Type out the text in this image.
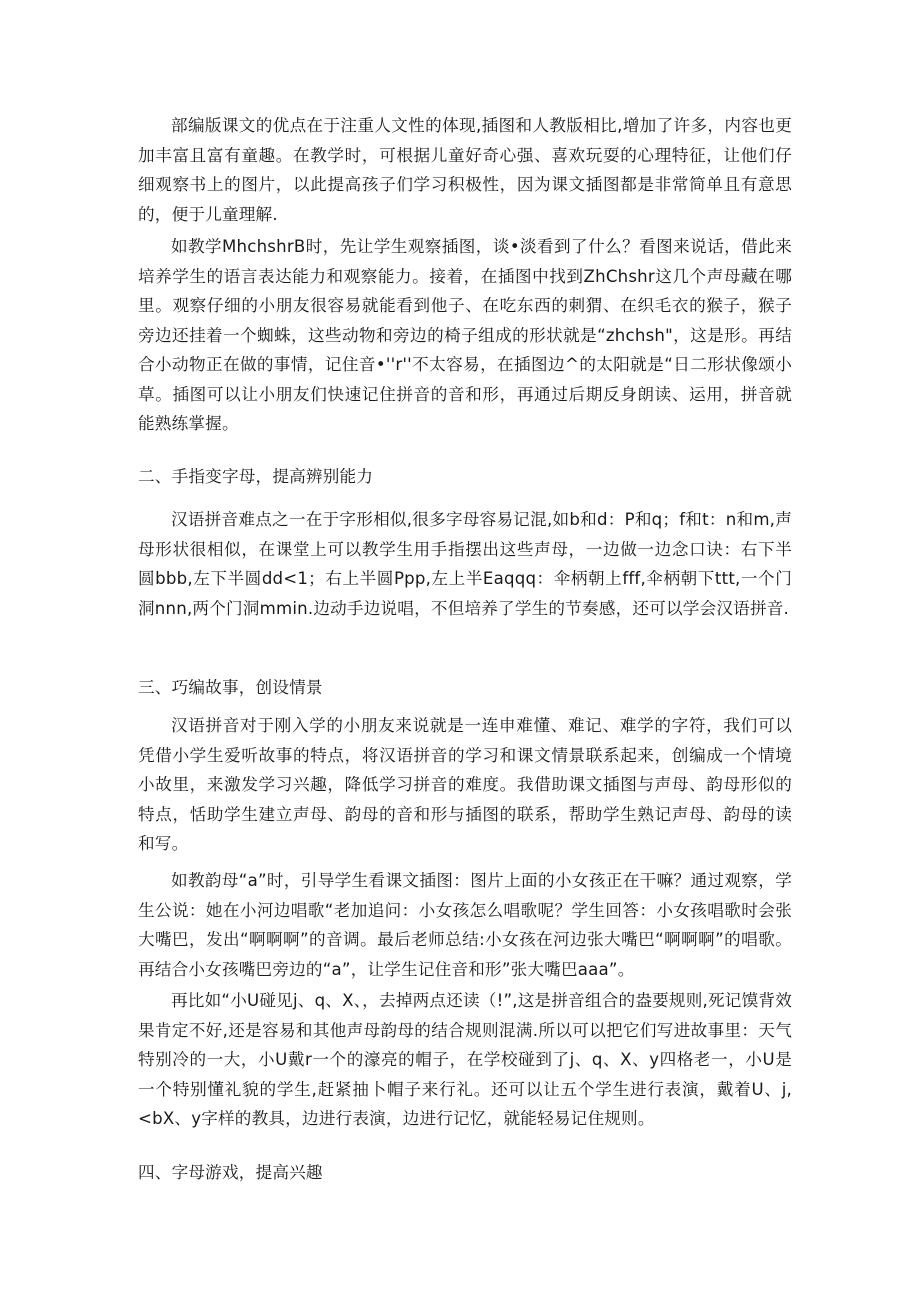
部编版课文的优点在于注重人文性的体现,插图和人教版相比,增加了许多，内容也更加丰富且富有童趣。在教学时，可根据儿童好奇心强、喜欢玩耍的心理特征，让他们仔细观察书上的图片，以此提高孩子们学习积极性，因为课文插图都是非常简单且有意思的，便于儿童理解.

如教学MhchshrB时，先让学生观察插图，谈•淡看到了什么？看图来说话，借此来培养学生的语言表达能力和观察能力。接着，在插图中找到ZhChshr这几个声母藏在哪里。观察仔细的小朋友很容易就能看到他子、在吃东西的刺猬、在织毛衣的猴子，猴子旁边还挂着一个蜘蛛，这些动物和旁边的椅子组成的形状就是“zhchsh"，这是形。再结合小动物正在做的事情，记住音•''r''不太容易，在插图边^的太阳就是“日二形状像颂小草。插图可以让小朋友们快速记住拼音的音和形，再通过后期反身朗读、运用，拼音就能熟练掌握。

二、手指变字母，提高辨别能力

汉语拼音难点之一在于字形相似,很多字母容易记混,如b和d：P和q；f和t：n和m,声母形状很相似，在课堂上可以教学生用手指摆出这些声母，一边做一边念口诀：右下半圆bbb,左下半圆dd<1；右上半圆Ppp,左上半Eaqqq：伞柄朝上fff,伞柄朝下ttt,一个门洞nnn,两个门洞mmin.边动手边说唱，不但培养了学生的节奏感，还可以学会汉语拼音.

三、巧编故事，创设情景

汉语拼音对于刚入学的小朋友来说就是一连申难懂、难记、难学的字符，我们可以凭借小学生爱听故事的特点，将汉语拼音的学习和课文情景联系起来，创编成一个情境小故里，来激发学习兴趣，降低学习拼音的难度。我借助课文插图与声母、韵母形似的特点，恬助学生建立声母、韵母的音和形与插图的联系，帮助学生熟记声母、韵母的读和写。

如教韵母“a”时，引导学生看课文插图：图片上面的小女孩正在干嘛？通过观察，学生公说：她在小河边唱歌“老加追问：小女孩怎么唱歌呢？学生回答：小女孩唱歌时会张大嘴巴，发出“啊啊啊”的音调。最后老师总结:小女孩在河边张大嘴巴“啊啊啊”的唱歌。再结合小女孩嘴巴旁边的“a”，让学生记住音和形”张大嘴巴aaa”。

再比如“小U碰见j、q、X、，去掉两点还读（!”,这是拼音组合的盎要规则,死记馍背效果肯定不好,还是容易和其他声母韵母的结合规则混满.所以可以把它们写进故事里：天气特别冷的一大，小U戴r一个的濠亮的帽子，在学校碰到了j、q、X、y四格老一，小U是一个特别懂礼貌的学生,赶紧抽卜帽子来行礼。还可以让五个学生进行表演，戴着U、j,<bX、y字样的教具，边进行表演，边进行记忆，就能轻易记住规则。

四、字母游戏，提高兴趣
